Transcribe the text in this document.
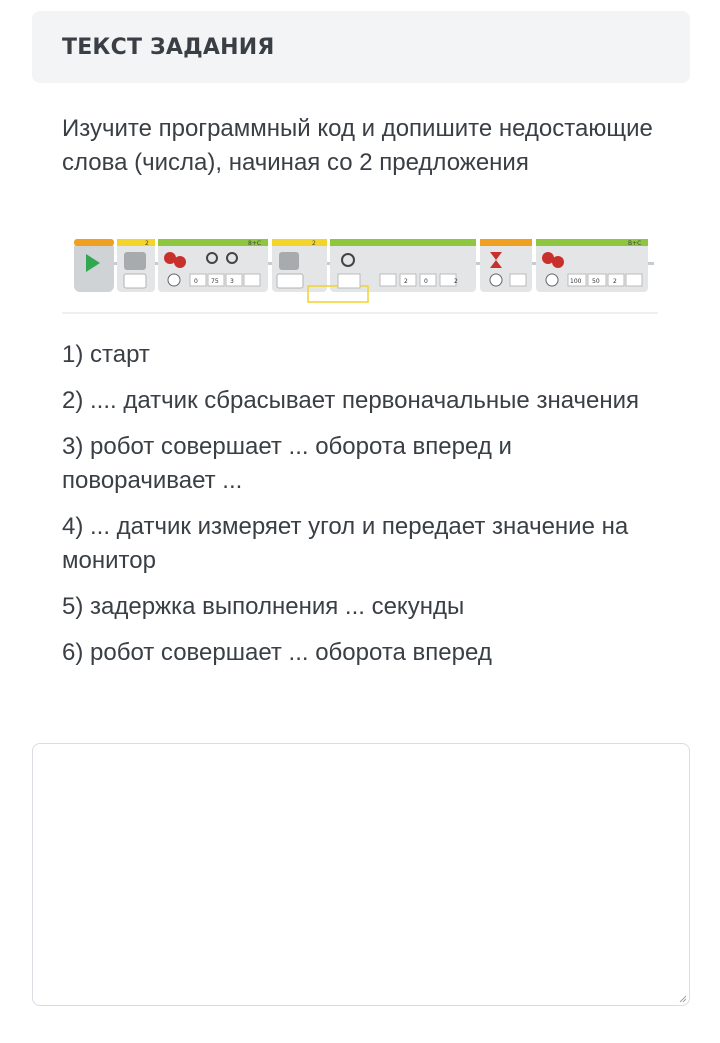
ТЕКСТ ЗАДАНИЯ
Изучите программный код и допишите недостающие слова (числа), начиная со 2 предложения
2	8+C
0 75 3
2
2	0	2
B+C
100 50 2
1) старт
2) .... датчик сбрасывает первоначальные значения
3) робот совершает ... оборота вперед и поворачивает ...
4) ... датчик измеряет угол и передает значение на монитор
5) задержка выполнения ... секунды
6) робот совершает ... оборота вперед
